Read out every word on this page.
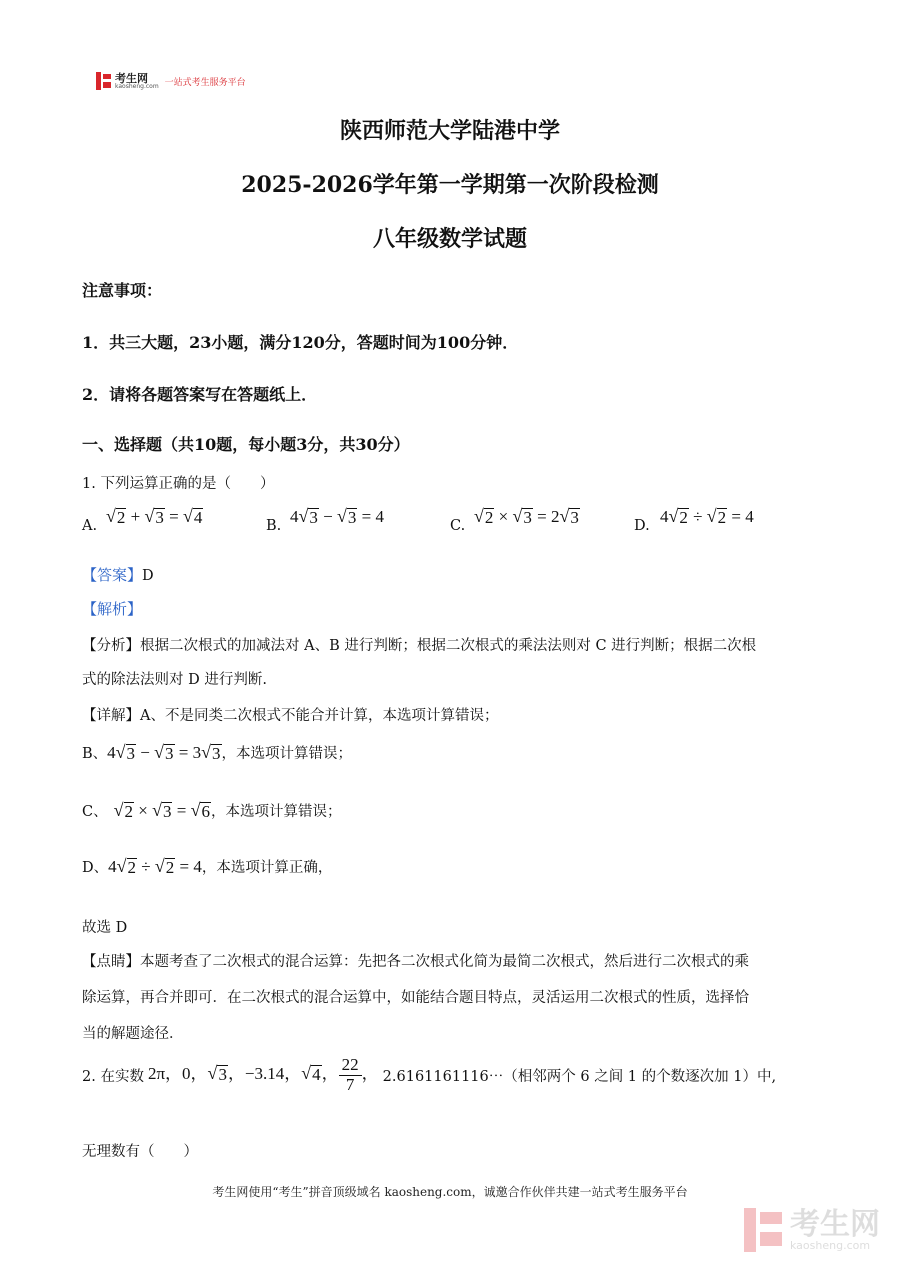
考生网
kaosheng.com 一站式考生服务平台
陕西师范大学陆港中学
2025-2026学年第一学期第一次阶段检测
八年级数学试题
注意事项：
1．共三大题，23小题，满分120分，答题时间为100分钟．
2．请将各题答案写在答题纸上．
一、选择题（共10题，每小题3分，共30分）
1. 下列运算正确的是（　　）
A. √ 2 + √ 3 = √ 4	B. 4 √ 3 − √ 3 = 4	C. √ 2 × √ 3 = 2 √ 3	D. 4 √ 2 ÷ √ 2 = 4
【答案】D
【解析】
【分析】根据二次根式的加减法对 A、B 进行判断；根据二次根式的乘法法则对 C 进行判断；根据二次根
式的除法法则对 D 进行判断.
【详解】A、不是同类二次根式不能合并计算，本选项计算错误；
B、 4 √ 3 − √ 3 = 3 √ 3 ，本选项计算错误；
C、 √ 2 × √ 3 = √ 6 ，本选项计算错误；
D、 4 √ 2 ÷ √ 2 = 4 ，本选项计算正确，
故选 D
【点睛】本题考查了二次根式的混合运算：先把各二次根式化简为最简二次根式，然后进行二次根式的乘
除运算，再合并即可．在二次根式的混合运算中，如能结合题目特点，灵活运用二次根式的性质，选择恰
当的解题途径．
2. 在实数 2π，0， √ 3 ，−3.14， √ 4 ， $\frac{22}{7}$ ， 2.6161161116⋯（相邻两个 6 之间 1 的个数逐次加 1）中,
无理数有（　　）
考生网使用“考生”拼音顶级域名 kaosheng.com，诚邀合作伙伴共建一站式考生服务平台
考生网
kaosheng.com
